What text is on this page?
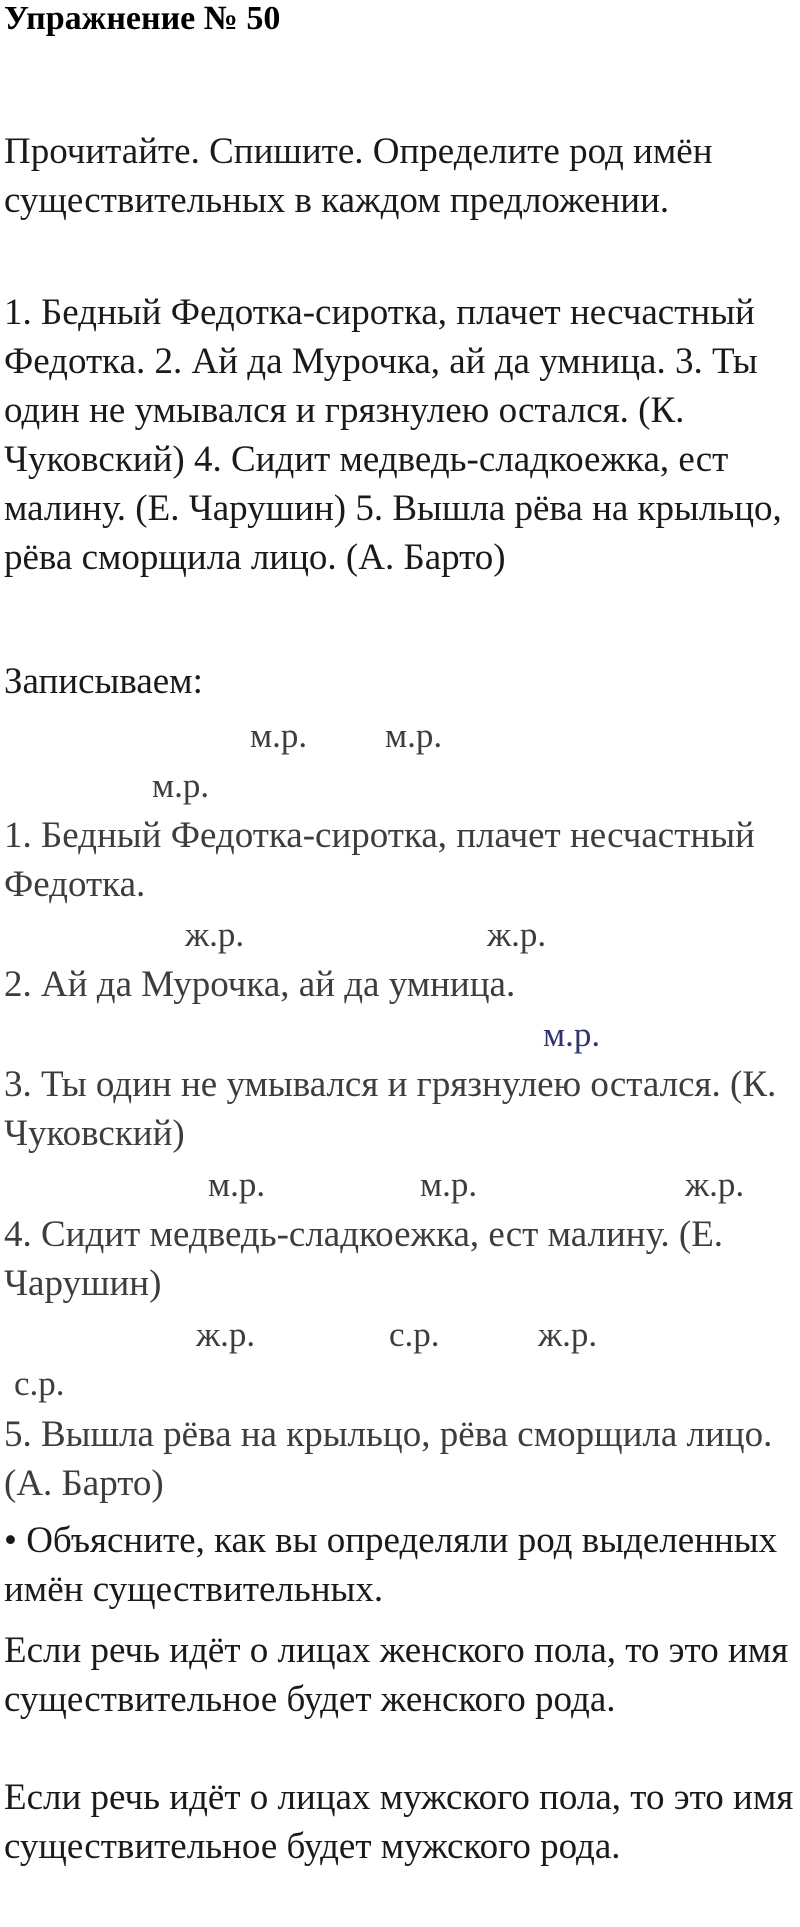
Упражнение № 50
Прочитайте. Спишите. Определите род имён существительных в каждом предложении.
1. Бедный Федотка-сиротка, плачет несчастный Федотка. 2. Ай да Мурочка, ай да умница. 3. Ты один не умывался и грязнулею остался. (К. Чуковский) 4. Сидит медведь-сладкоежка, ест малину. (Е. Чарушин) 5. Вышла рёва на крыльцо, рёва сморщила лицо. (А. Барто)
Записываем:
м.р. м.р.
м.р.
1. Бедный Федотка-сиротка, плачет несчастный Федотка.
ж.р.	ж.р.
2. Ай да Мурочка, ай да умница.
м.р.
3. Ты один не умывался и грязнулею остался. (К. Чуковский)
м.р.	м.р.	ж.р.
4. Сидит медведь-сладкоежка, ест малину. (Е. Чарушин)
ж.р.	с.р.	ж.р.
с.р.
5. Вышла рёва на крыльцо, рёва сморщила лицо. (А. Барто)
• Объясните, как вы определяли род выделенных имён существительных.
Если речь идёт о лицах женского пола, то это имя существительное будет женского рода.
Если речь идёт о лицах мужского пола, то это имя существительное будет мужского рода.
